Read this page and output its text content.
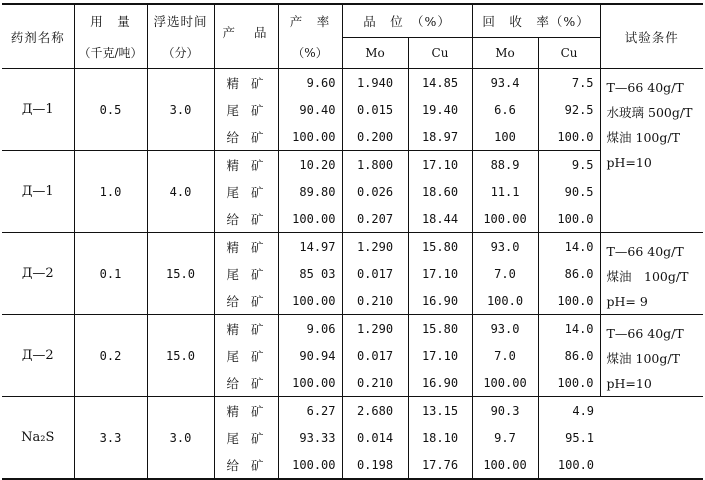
药剂名称	用　量	浮选时间	产 品	产　率	品　位　（%）		回　收　率（%）		试验条件
	（千克/吨）	（分）		（%）	Mo	Cu	Mo	Cu	
Д—1	0.5	3.0	精矿	9.60	1.940	14.85	93.4	7.5	T—66 40g/T
水玻璃 500g/T
煤油 100g/T
pH=10

			尾矿	90.40	0.015	19.40	6.6	92.5	
			给矿	100.00	0.200	18.97	100	100.0	
Д—1	1.0	4.0	精矿	10.20	1.800	17.10	88.9	9.5	
			尾矿	89.80	0.026	18.60	11.1	90.5	
			给矿	100.00	0.207	18.44	100.00	100.0	
Д—2	0.1	15.0	精矿	14.97	1.290	15.80	93.0	14.0	T—66 40g/T
煤油　100g/T
pH= 9

			尾矿	85 03	0.017	17.10	7.0	86.0	
			给矿	100.00	0.210	16.90	100.0	100.0	
Д—2	0.2	15.0	精矿	9.06	1.290	15.80	93.0	14.0	T—66 40g/T
煤油 100g/T
pH=10

			尾矿	90.94	0.017	17.10	7.0	86.0	
			给矿	100.00	0.210	16.90	100.00	100.0	
Na₂S	3.3	3.0	精矿	6.27	2.680	13.15	90.3	4.9	
			尾矿	93.33	0.014	18.10	9.7	95.1	
			给矿	100.00	0.198	17.76	100.00	100.0	
